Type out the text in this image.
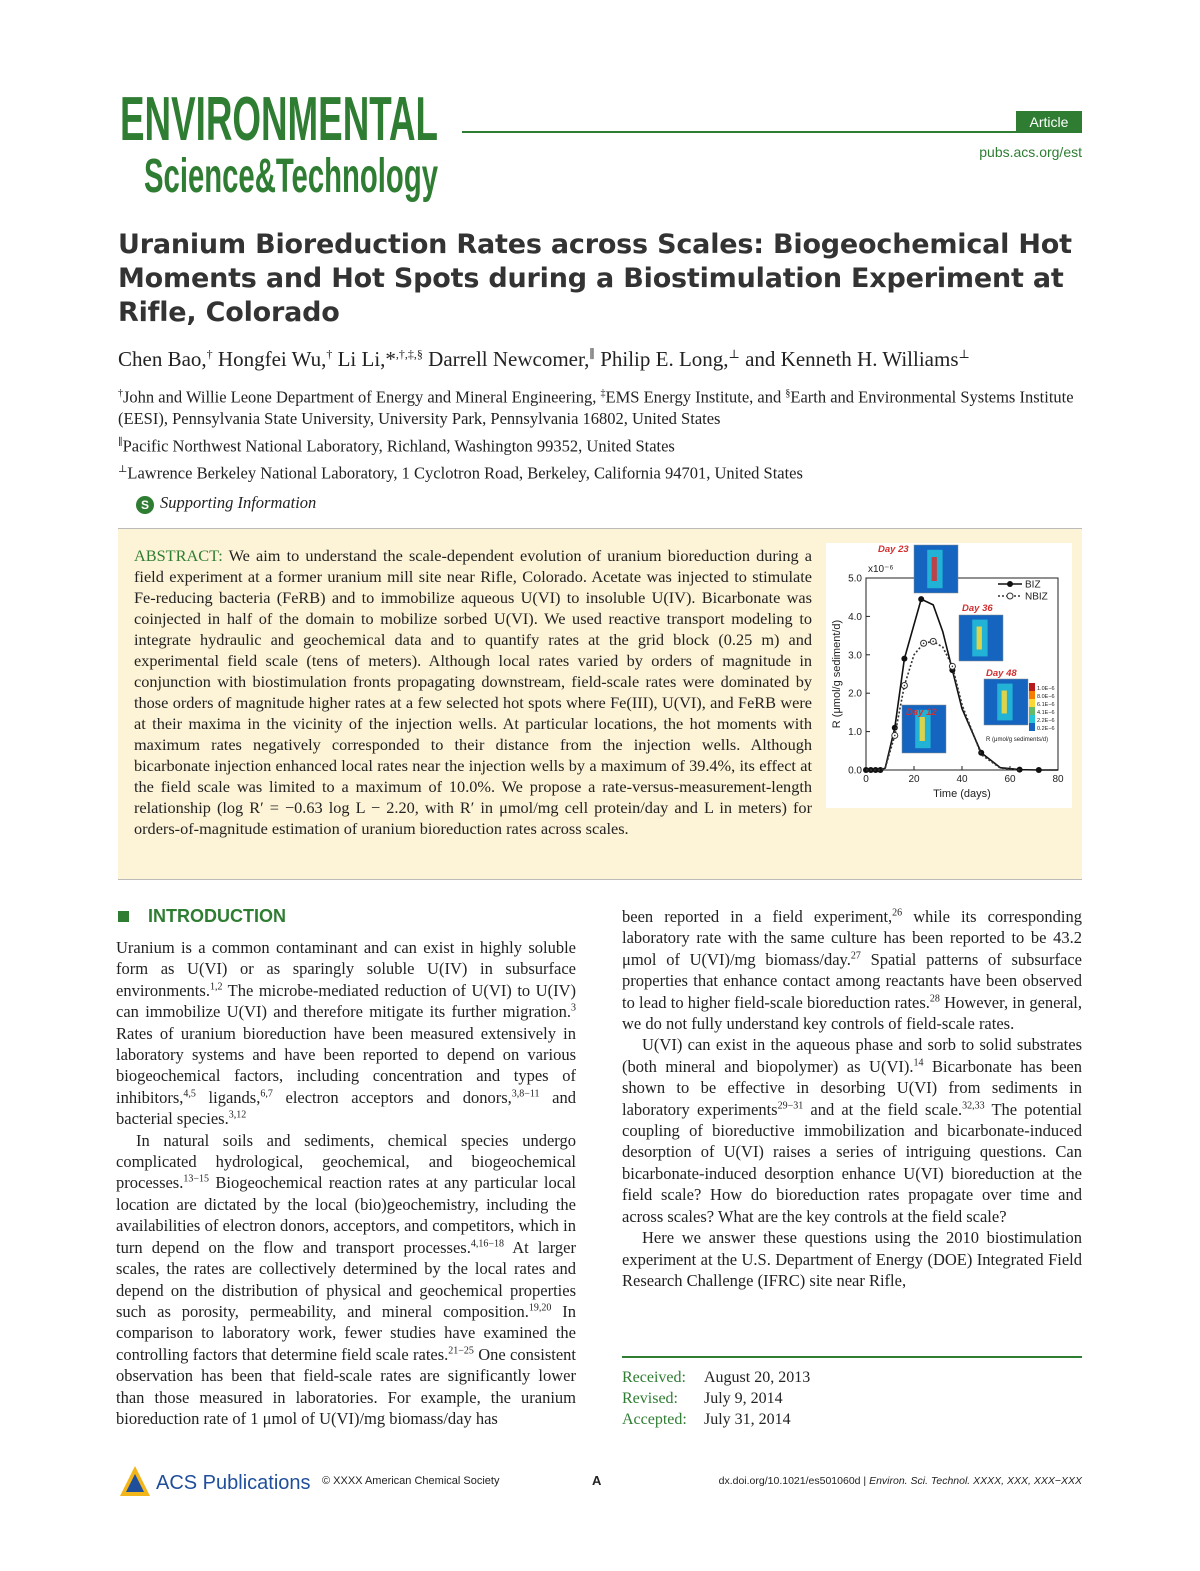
ENVIRONMENTAL
Science&Technology
Article
pubs.acs.org/est
Uranium Bioreduction Rates across Scales: Biogeochemical Hot Moments and Hot Spots during a Biostimulation Experiment at Rifle, Colorado
Chen Bao,† Hongfei Wu,† Li Li,*,†,‡,§ Darrell Newcomer,∥ Philip E. Long,⊥ and Kenneth H. Williams⊥
†John and Willie Leone Department of Energy and Mineral Engineering, ‡EMS Energy Institute, and §Earth and Environmental Systems Institute (EESI), Pennsylvania State University, University Park, Pennsylvania 16802, United States
∥Pacific Northwest National Laboratory, Richland, Washington 99352, United States
⊥Lawrence Berkeley National Laboratory, 1 Cyclotron Road, Berkeley, California 94701, United States
S Supporting Information
ABSTRACT: We aim to understand the scale-dependent evolution of uranium bioreduction during a field experiment at a former uranium mill site near Rifle, Colorado. Acetate was injected to stimulate Fe-reducing bacteria (FeRB) and to immobilize aqueous U(VI) to insoluble U(IV). Bicarbonate was coinjected in half of the domain to mobilize sorbed U(VI). We used reactive transport modeling to integrate hydraulic and geochemical data and to quantify rates at the grid block (0.25 m) and experimental field scale (tens of meters). Although local rates varied by orders of magnitude in conjunction with biostimulation fronts propagating downstream, field-scale rates were dominated by those orders of magnitude higher rates at a few selected hot spots where Fe(III), U(VI), and FeRB were at their maxima in the vicinity of the injection wells. At particular locations, the hot moments with maximum rates negatively corresponded to their distance from the injection wells. Although bicarbonate injection enhanced local rates near the injection wells by a maximum of 39.4%, its effect at the field scale was limited to a maximum of 10.0%. We propose a rate-versus-measurement-length relationship (log R′ = −0.63 log L − 2.20, with R′ in μmol/mg cell protein/day and L in meters) for orders-of-magnitude estimation of uranium bioreduction rates across scales.
0.0
1.0
2.0
3.0
4.0
5.0
0	20	40	60	80
Time (days)
R (μmol/g sediment/d)
x10⁻⁶
Day 23
Day 36
Day 48
Day 12
1.0E−6
8.0E−6
6.1E−6
4.1E−6
2.2E−6
0.2E−6
R (μmol/g sediments/d)
BIZ
NBIZ
INTRODUCTION

Uranium is a common contaminant and can exist in highly soluble form as U(VI) or as sparingly soluble U(IV) in subsurface environments.$^{1,2}$ The microbe-mediated reduction of U(VI) to U(IV) can immobilize U(VI) and therefore mitigate its further migration.$^3$ Rates of uranium bioreduction have been measured extensively in laboratory systems and have been reported to depend on various biogeochemical factors, including concentration and types of inhibitors,$^{4,5}$ ligands,$^{6,7}$ electron acceptors and donors,$^{3,8-11}$ and bacterial species.$^{3,12}$

In natural soils and sediments, chemical species undergo complicated hydrological, geochemical, and biogeochemical processes.$^{13-15}$ Biogeochemical reaction rates at any particular local location are dictated by the local (bio)geochemistry, including the availabilities of electron donors, acceptors, and competitors, which in turn depend on the flow and transport processes.$^{4,16-18}$ At larger scales, the rates are collectively determined by the local rates and depend on the distribution of physical and geochemical properties such as porosity, permeability, and mineral composition.$^{19,20}$ In comparison to laboratory work, fewer studies have examined the controlling factors that determine field scale rates.$^{21-25}$ One consistent observation has been that field-scale rates are significantly lower than those measured in laboratories. For example, the uranium bioreduction rate of 1 μmol of U(VI)/mg biomass/day has

been reported in a field experiment,$^{26}$ while its corresponding laboratory rate with the same culture has been reported to be 43.2 μmol of U(VI)/mg biomass/day.$^{27}$ Spatial patterns of subsurface properties that enhance contact among reactants have been observed to lead to higher field-scale bioreduction rates.$^{28}$ However, in general, we do not fully understand key controls of field-scale rates.

U(VI) can exist in the aqueous phase and sorb to solid substrates (both mineral and biopolymer) as U(VI).$^{14}$ Bicarbonate has been shown to be effective in desorbing U(VI) from sediments in laboratory experiments$^{29-31}$ and at the field scale.$^{32,33}$ The potential coupling of bioreductive immobilization and bicarbonate-induced desorption of U(VI) raises a series of intriguing questions. Can bicarbonate-induced desorption enhance U(VI) bioreduction at the field scale? How do bioreduction rates propagate over time and across scales? What are the key controls at the field scale?

Here we answer these questions using the 2010 biostimulation experiment at the U.S. Department of Energy (DOE) Integrated Field Research Challenge (IFRC) site near Rifle,

Received: August 20, 2013
Revised: July 9, 2014
Accepted: July 31, 2014
ACS Publications © XXXX American Chemical Society	A	dx.doi.org/10.1021/es501060d | Environ. Sci. Technol. XXXX, XXX, XXX−XXX
